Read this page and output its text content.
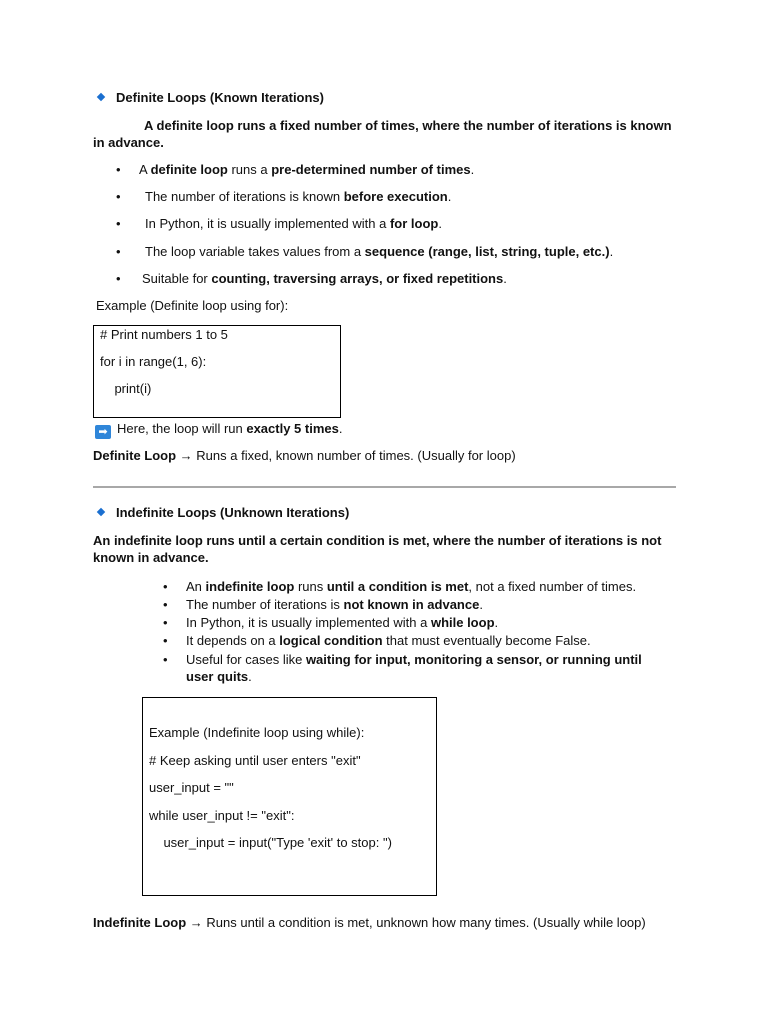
Definite Loops (Known Iterations)
A definite loop runs a fixed number of times, where the number of iterations is known in advance.
• A definite loop runs a pre-determined number of times.
• The number of iterations is known before execution.
• In Python, it is usually implemented with a for loop.
• The loop variable takes values from a sequence (range, list, string, tuple, etc.).
• Suitable for counting, traversing arrays, or fixed repetitions.
Example (Definite loop using for):
# Print numbers 1 to 5
for i in range(1, 6):
print(i)
➡ Here, the loop will run exactly 5 times.
Definite Loop → Runs a fixed, known number of times. (Usually for loop)
Indefinite Loops (Unknown Iterations)
An indefinite loop runs until a certain condition is met, where the number of iterations is not known in advance.
•	An indefinite loop runs until a condition is met, not a fixed number of times.
•	The number of iterations is not known in advance.
•	In Python, it is usually implemented with a while loop.
•	It depends on a logical condition that must eventually become False.
•	Useful for cases like waiting for input, monitoring a sensor, or running until user quits.
Example (Indefinite loop using while):
# Keep asking until user enters "exit"
user_input = ""
while user_input != "exit":
user_input = input("Type 'exit' to stop: ")
Indefinite Loop → Runs until a condition is met, unknown how many times. (Usually while loop)
